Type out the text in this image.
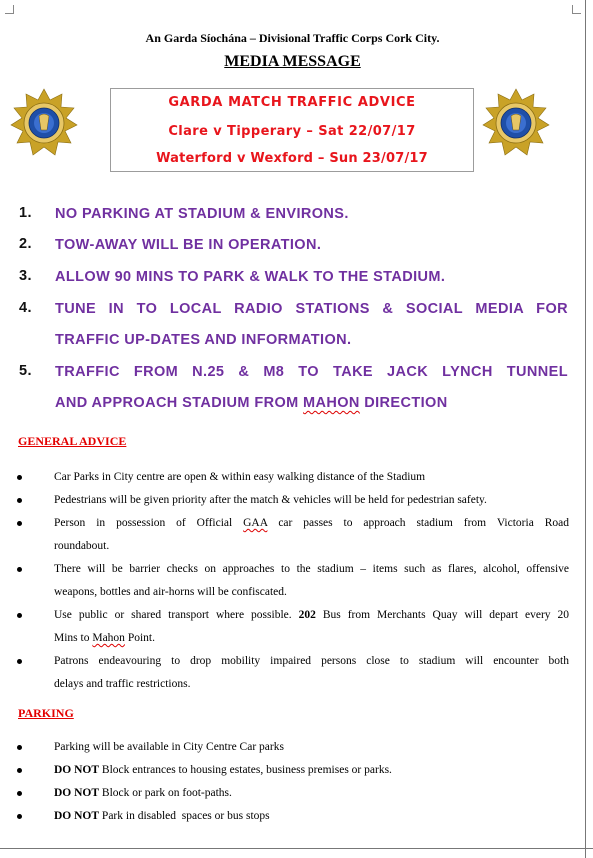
An Garda Síochána – Divisional Traffic Corps Cork City.
MEDIA MESSAGE
GARDA MATCH TRAFFIC ADVICE
Clare v Tipperary – Sat 22/07/17
Waterford v Wexford – Sun 23/07/17
1.	NO PARKING AT STADIUM & ENVIRONS.
2.	TOW-AWAY WILL BE IN OPERATION.
3.	ALLOW 90 MINS TO PARK & WALK TO THE STADIUM.
4.	TUNE IN TO LOCAL RADIO STATIONS & SOCIAL MEDIA FOR
TRAFFIC UP-DATES AND INFORMATION.
5.	TRAFFIC FROM N.25 & M8 TO TAKE JACK LYNCH TUNNEL
AND APPROACH STADIUM FROM MAHON DIRECTION
GENERAL ADVICE
Car Parks in City centre are open & within easy walking distance of the Stadium
Pedestrians will be given priority after the match & vehicles will be held for pedestrian safety.
Person in possession of Official GAA car passes to approach stadium from Victoria Road
roundabout.
There will be barrier checks on approaches to the stadium – items such as flares, alcohol, offensive
weapons, bottles and air-horns will be confiscated.
Use public or shared transport where possible. 202 Bus from Merchants Quay will depart every 20
Mins to Mahon Point.
Patrons endeavouring to drop mobility impaired persons close to stadium will encounter both
delays and traffic restrictions.
PARKING
Parking will be available in City Centre Car parks
DO NOT Block entrances to housing estates, business premises or parks.
DO NOT Block or park on foot-paths.
DO NOT Park in disabled  spaces or bus stops
